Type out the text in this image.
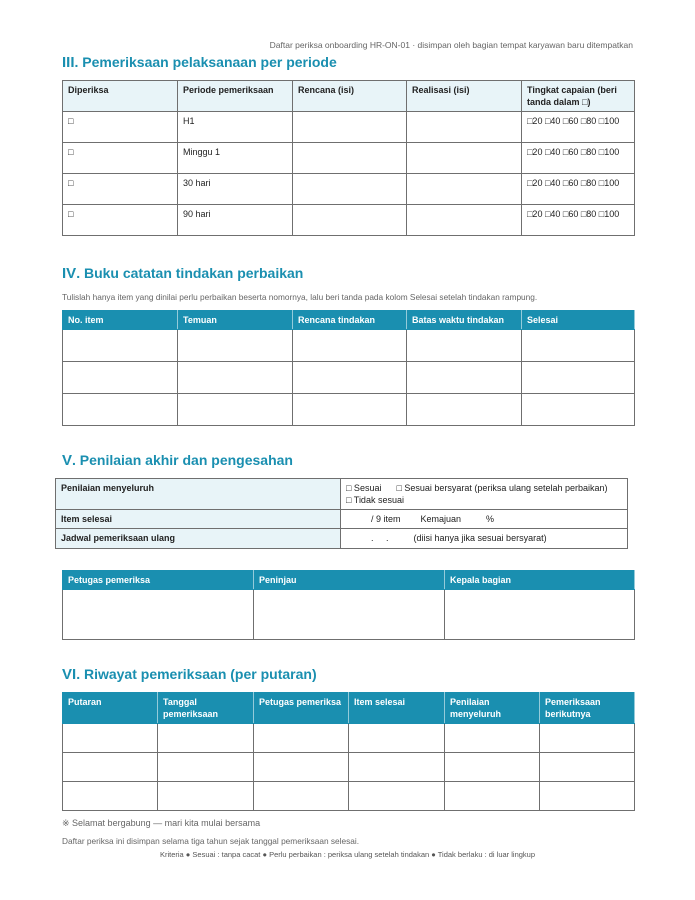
Daftar periksa onboarding HR-ON-01 · disimpan oleh bagian tempat karyawan baru ditempatkan
III. Pemeriksaan pelaksanaan per periode
Diperiksa	Periode pemeriksaan	Rencana (isi)	Realisasi (isi)	Tingkat capaian (beri tanda dalam □)
□	H1			□20 □40 □60 □80 □100
□	Minggu 1			□20 □40 □60 □80 □100
□	30 hari			□20 □40 □60 □80 □100
□	90 hari			□20 □40 □60 □80 □100
IV. Buku catatan tindakan perbaikan
Tulislah hanya item yang dinilai perlu perbaikan beserta nomornya, lalu beri tanda pada kolom Selesai setelah tindakan rampung.
No. item	Temuan	Rencana tindakan	Batas waktu tindakan	Selesai

V. Penilaian akhir dan pengesahan
Penilaian menyeluruh	□ Sesuai      □ Sesuai bersyarat (periksa ulang setelah perbaikan)      □ Tidak sesuai
Item selesai	/ 9 item        Kemajuan          %
Jadwal pemeriksaan ulang	.     .          (diisi hanya jika sesuai bersyarat)
Petugas pemeriksa	Peninjau	Kepala bagian

VI. Riwayat pemeriksaan (per putaran)
Putaran	Tanggal pemeriksaan	Petugas pemeriksa	Item selesai	Penilaian menyeluruh	Pemeriksaan berikutnya

※ Selamat bergabung — mari kita mulai bersama
Daftar periksa ini disimpan selama tiga tahun sejak tanggal pemeriksaan selesai.
Kriteria ● Sesuai : tanpa cacat ● Perlu perbaikan : periksa ulang setelah tindakan ● Tidak berlaku : di luar lingkup
